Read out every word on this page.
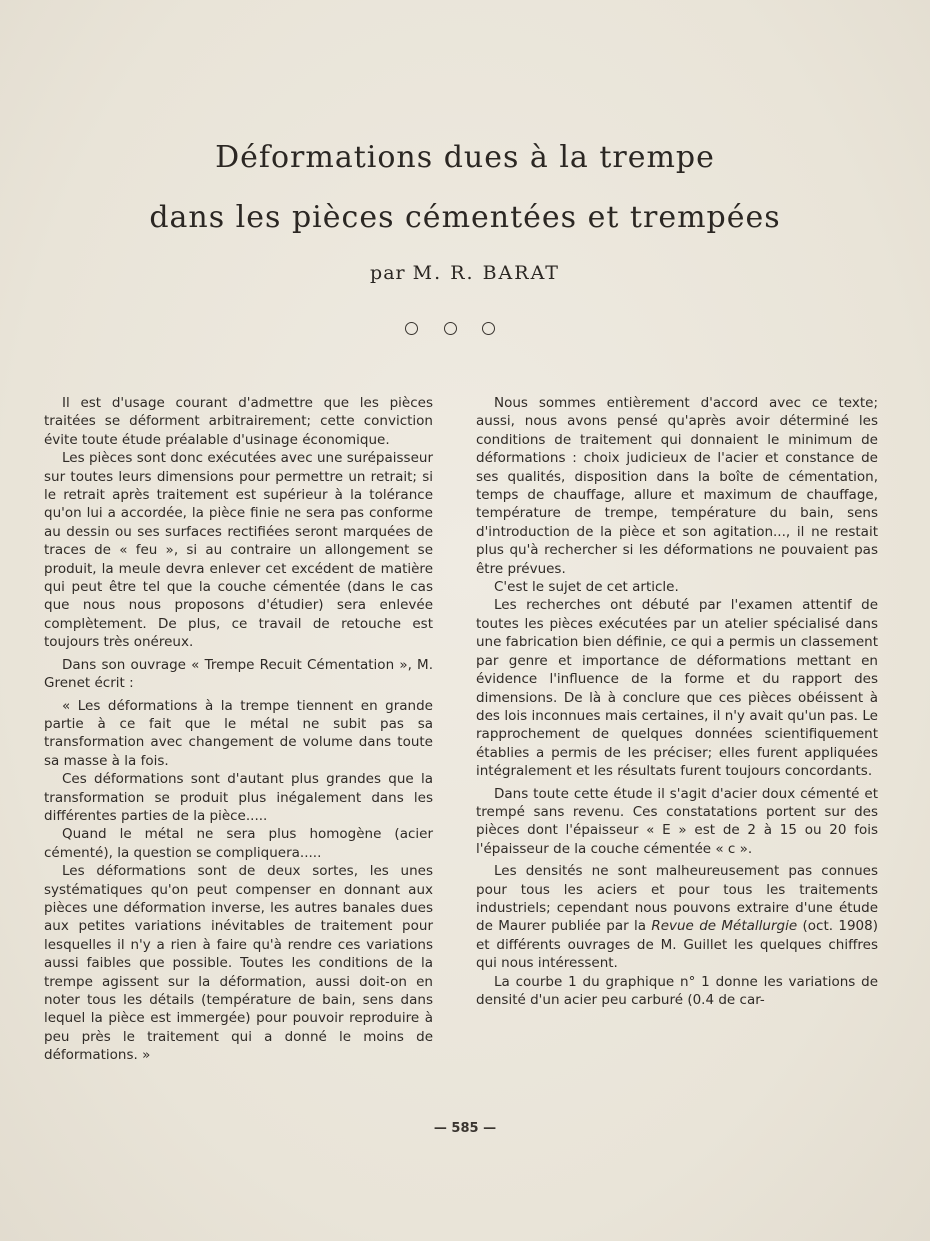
Déformations dues à la trempe
dans les pièces cémentées et trempées
par M. R. BARAT

Il est d'usage courant d'admettre que les pièces traitées se déforment arbitrairement; cette conviction évite toute étude préalable d'usinage économique.

Les pièces sont donc exécutées avec une surépaisseur sur toutes leurs dimensions pour permettre un retrait; si le retrait après traitement est supérieur à la tolérance qu'on lui a accordée, la pièce finie ne sera pas conforme au dessin ou ses surfaces rectifiées seront marquées de traces de « feu », si au contraire un allongement se produit, la meule devra enlever cet excédent de matière qui peut être tel que la couche cémentée (dans le cas que nous nous proposons d'étudier) sera enlevée complètement. De plus, ce travail de retouche est toujours très onéreux.

Dans son ouvrage « Trempe Recuit Cémentation », M. Grenet écrit :

« Les déformations à la trempe tiennent en grande partie à ce fait que le métal ne subit pas sa transformation avec changement de volume dans toute sa masse à la fois.

Ces déformations sont d'autant plus grandes que la transformation se produit plus inégalement dans les différentes parties de la pièce.....

Quand le métal ne sera plus homogène (acier cémenté), la question se compliquera.....

Les déformations sont de deux sortes, les unes systématiques qu'on peut compenser en donnant aux pièces une déformation inverse, les autres banales dues aux petites variations inévitables de traitement pour lesquelles il n'y a rien à faire qu'à rendre ces variations aussi faibles que possible. Toutes les conditions de la trempe agissent sur la déformation, aussi doit-on en noter tous les détails (température de bain, sens dans lequel la pièce est immergée) pour pouvoir reproduire à peu près le traitement qui a donné le moins de déformations. »

Nous sommes entièrement d'accord avec ce texte; aussi, nous avons pensé qu'après avoir déterminé les conditions de traitement qui donnaient le minimum de déformations : choix judicieux de l'acier et constance de ses qualités, disposition dans la boîte de cémentation, temps de chauffage, allure et maximum de chauffage, température de trempe, température du bain, sens d'introduction de la pièce et son agitation..., il ne restait plus qu'à rechercher si les déformations ne pouvaient pas être prévues.

C'est le sujet de cet article.

Les recherches ont débuté par l'examen attentif de toutes les pièces exécutées par un atelier spécialisé dans une fabrication bien définie, ce qui a permis un classement par genre et importance de déformations mettant en évidence l'influence de la forme et du rapport des dimensions. De là à conclure que ces pièces obéissent à des lois inconnues mais certaines, il n'y avait qu'un pas. Le rapprochement de quelques données scientifiquement établies a permis de les préciser; elles furent appliquées intégralement et les résultats furent toujours concordants.

Dans toute cette étude il s'agit d'acier doux cémenté et trempé sans revenu. Ces constatations portent sur des pièces dont l'épaisseur « E » est de 2 à 15 ou 20 fois l'épaisseur de la couche cémentée « c ».

Les densités ne sont malheureusement pas connues pour tous les aciers et pour tous les traitements industriels; cependant nous pouvons extraire d'une étude de Maurer publiée par la Revue de Métallurgie (oct. 1908) et différents ouvrages de M. Guillet les quelques chiffres qui nous intéressent.

La courbe 1 du graphique n° 1 donne les variations de densité d'un acier peu carburé (0.4 de car-

— 585 —
